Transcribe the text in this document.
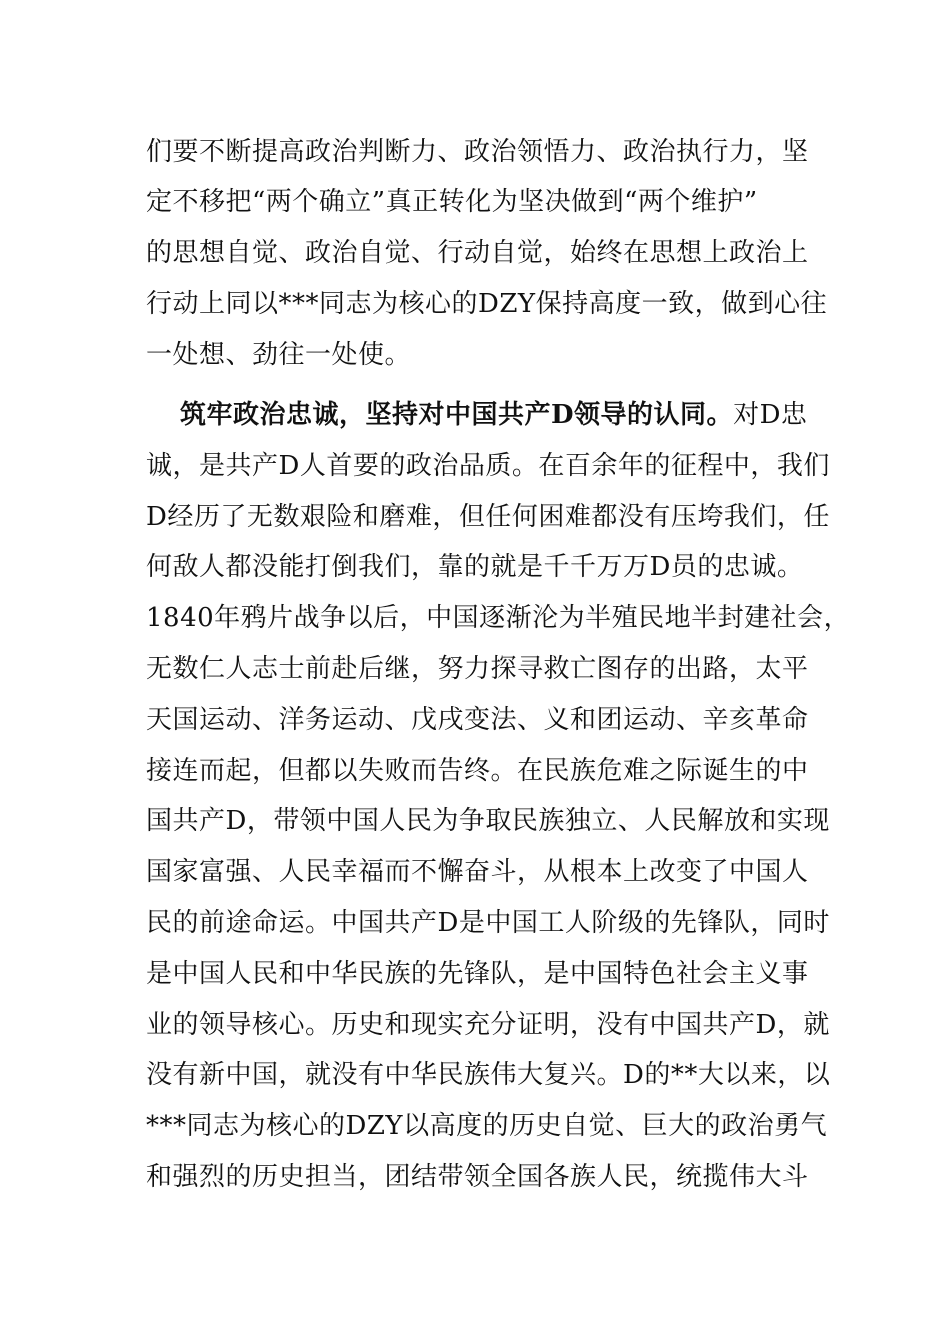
们要不断提高政治判断力、政治领悟力、政治执行力，坚
定不移把“两个确立”真正转化为坚决做到“两个维护”
的思想自觉、政治自觉、行动自觉，始终在思想上政治上
行动上同以***同志为核心的DZY保持高度一致，做到心往
一处想、劲往一处使。
筑牢政治忠诚，坚持对中国共产D领导的认同。对D忠
诚，是共产D人首要的政治品质。在百余年的征程中，我们
D经历了无数艰险和磨难，但任何困难都没有压垮我们，任
何敌人都没能打倒我们，靠的就是千千万万D员的忠诚。
1840年鸦片战争以后，中国逐渐沦为半殖民地半封建社会，
无数仁人志士前赴后继，努力探寻救亡图存的出路，太平
天国运动、洋务运动、戊戌变法、义和团运动、辛亥革命
接连而起，但都以失败而告终。在民族危难之际诞生的中
国共产D，带领中国人民为争取民族独立、人民解放和实现
国家富强、人民幸福而不懈奋斗，从根本上改变了中国人
民的前途命运。中国共产D是中国工人阶级的先锋队，同时
是中国人民和中华民族的先锋队，是中国特色社会主义事
业的领导核心。历史和现实充分证明，没有中国共产D，就
没有新中国，就没有中华民族伟大复兴。D的**大以来，以
***同志为核心的DZY以高度的历史自觉、巨大的政治勇气
和强烈的历史担当，团结带领全国各族人民，统揽伟大斗
